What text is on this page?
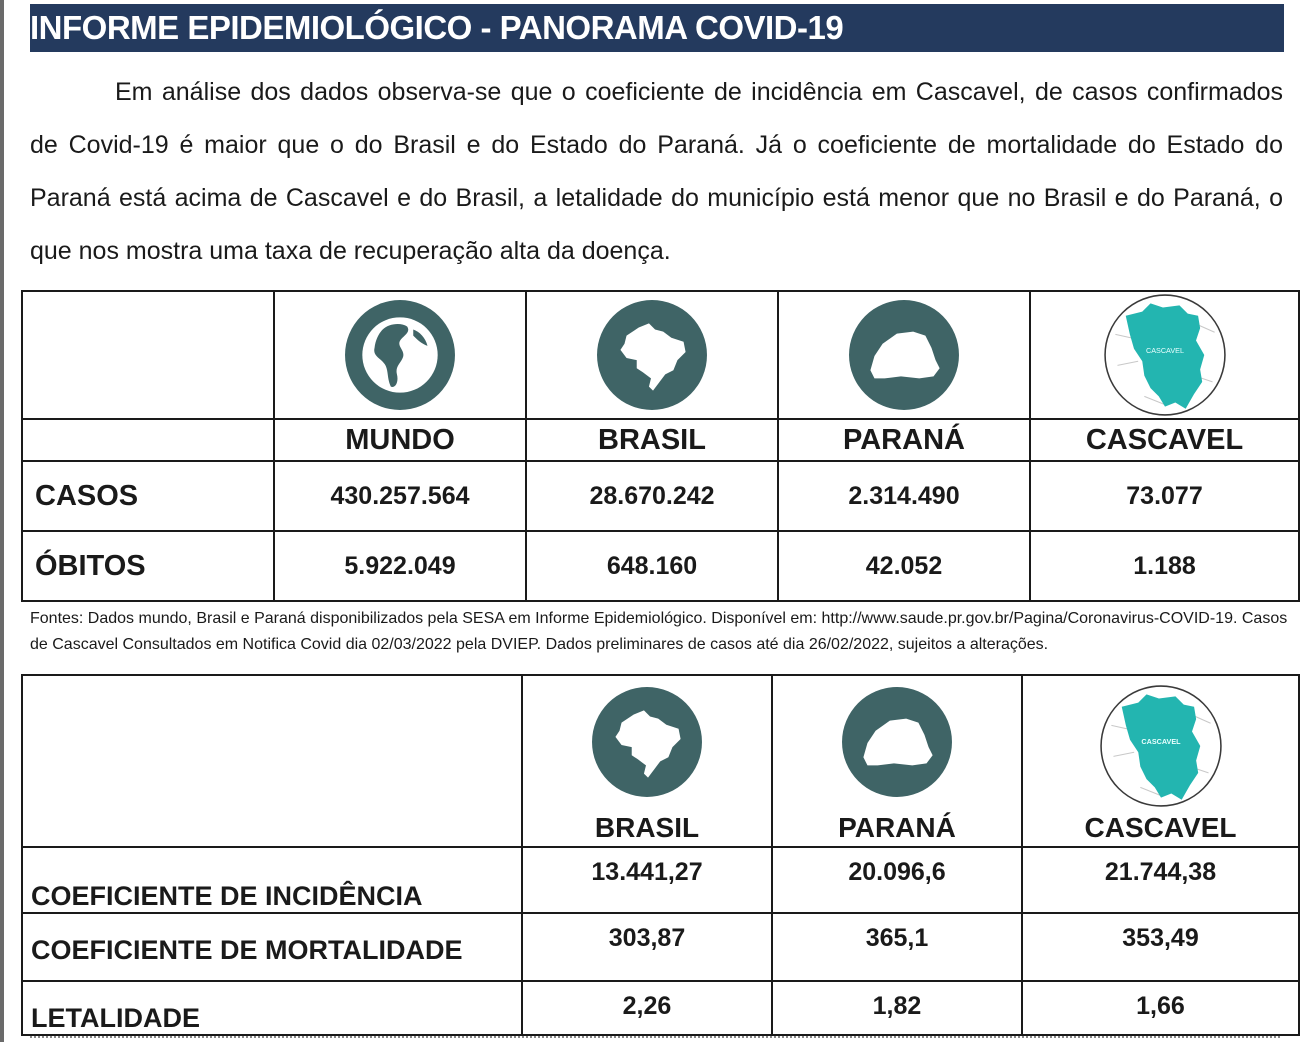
INFORME EPIDEMIOLÓGICO - PANORAMA COVID-19

Em análise dos dados observa-se que o coeficiente de incidência em Cascavel, de casos confirmados de Covid-19 é maior que o do Brasil e do Estado do Paraná. Já o coeficiente de mortalidade do Estado do Paraná está acima de Cascavel e do Brasil, a letalidade do município está menor que no Brasil e do Paraná, o que nos mostra uma taxa de recuperação alta da doença.

	MUNDO	BRASIL	PARANÁ	CASCAVEL
CASOS	430.257.564	28.670.242	2.314.490	73.077
ÓBITOS	5.922.049	648.160	42.052	1.188

Fontes: Dados mundo, Brasil e Paraná disponibilizados pela SESA em Informe Epidemiológico. Disponível em: http://www.saude.pr.gov.br/Pagina/Coronavirus-COVID-19. Casos de Cascavel Consultados em Notifica Covid dia 02/03/2022 pela DVIEP. Dados preliminares de casos até dia 26/02/2022, sujeitos a alterações.

	BRASIL	PARANÁ	CASCAVEL

COEFICIENTE DE INCIDÊNCIA	13.441,27	20.096,6	21.744,38
COEFICIENTE DE MORTALIDADE	303,87	365,1	353,49
LETALIDADE	2,26	1,82	1,66
